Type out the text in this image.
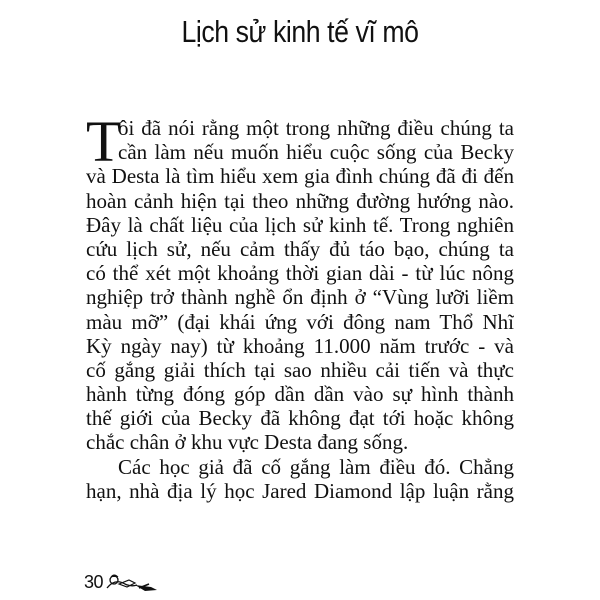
Lịch sử kinh tế vĩ mô
T
ôi đã nói rằng một trong những điều chúng ta
cần làm nếu muốn hiểu cuộc sống của Becky
và Desta là tìm hiểu xem gia đình chúng đã đi đến
hoàn cảnh hiện tại theo những đường hướng nào.
Đây là chất liệu của lịch sử kinh tế. Trong nghiên
cứu lịch sử, nếu cảm thấy đủ táo bạo, chúng ta
có thể xét một khoảng thời gian dài - từ lúc nông
nghiệp trở thành nghề ổn định ở “Vùng lưỡi liềm
màu mỡ” (đại khái ứng với đông nam Thổ Nhĩ
Kỳ ngày nay) từ khoảng 11.000 năm trước - và
cố gắng giải thích tại sao nhiều cải tiến và thực
hành từng đóng góp dần dần vào sự hình thành
thế giới của Becky đã không đạt tới hoặc không
chắc chân ở khu vực Desta đang sống.
Các học giả đã cố gắng làm điều đó. Chẳng
hạn, nhà địa lý học Jared Diamond lập luận rằng
30
